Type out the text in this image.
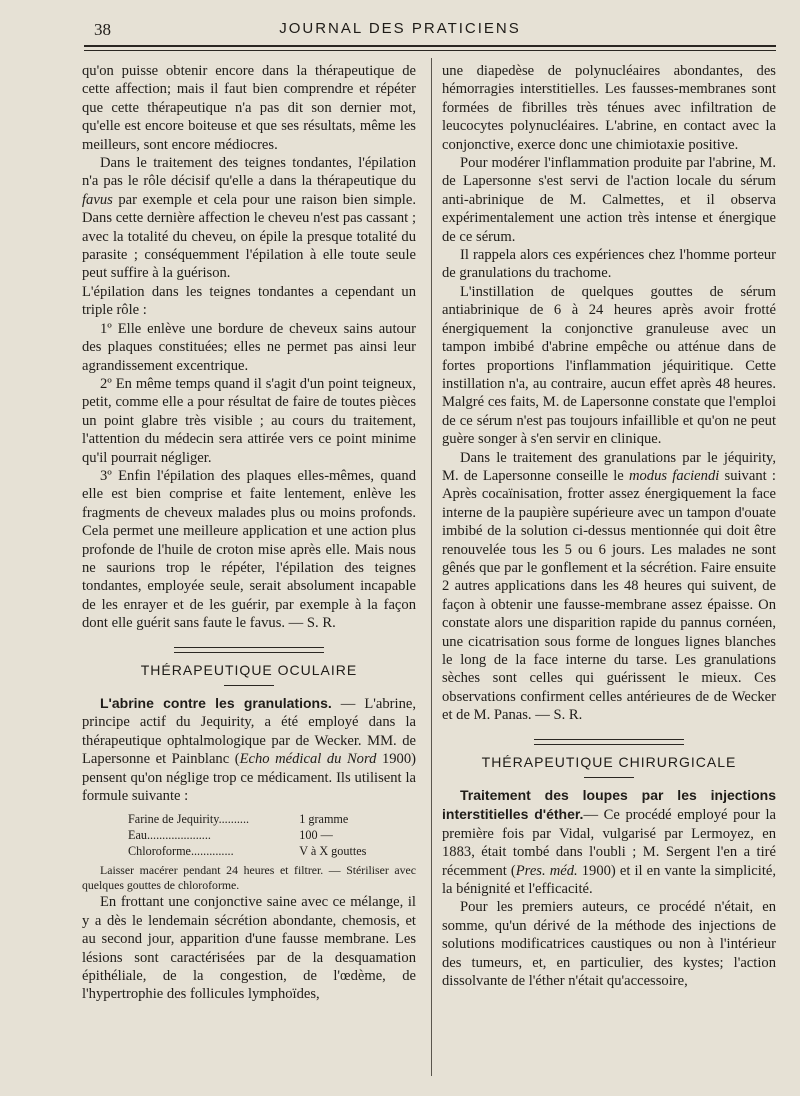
38	JOURNAL DES PRATICIENS

qu'on puisse obtenir encore dans la thérapeutique de cette affection; mais il faut bien comprendre et répéter que cette thérapeutique n'a pas dit son dernier mot, qu'elle est encore boiteuse et que ses résultats, même les meilleurs, sont encore médiocres.

Dans le traitement des teignes tondantes, l'épilation n'a pas le rôle décisif qu'elle a dans la thérapeutique du favus par exemple et cela pour une raison bien simple. Dans cette dernière affection le cheveu n'est pas cassant ; avec la totalité du cheveu, on épile la presque totalité du parasite ; conséquemment l'épilation à elle toute seule peut suffire à la guérison.

L'épilation dans les teignes tondantes a cependant un triple rôle :

1º Elle enlève une bordure de cheveux sains autour des plaques constituées; elles ne permet pas ainsi leur agrandissement excentrique.

2º En même temps quand il s'agit d'un point teigneux, petit, comme elle a pour résultat de faire de toutes pièces un point glabre très visible ; au cours du traitement, l'attention du médecin sera attirée vers ce point minime qu'il pourrait négliger.

3º Enfin l'épilation des plaques elles-mêmes, quand elle est bien comprise et faite lentement, enlève les fragments de cheveux malades plus ou moins profonds. Cela permet une meilleure application et une action plus profonde de l'huile de croton mise après elle. Mais nous ne saurions trop le répéter, l'épilation des teignes tondantes, employée seule, serait absolument incapable de les enrayer et de les guérir, par exemple à la façon dont elle guérit sans faute le favus. — S. R.

THÉRAPEUTIQUE OCULAIRE

L'abrine contre les granulations. — L'abrine, principe actif du Jequirity, a été employé dans la thérapeutique ophtalmologique par de Wecker. MM. de Lapersonne et Painblanc (Echo médical du Nord 1900) pensent qu'on néglige trop ce médicament. Ils utilisent la formule suivante :

Farine de Jequirity..........	1 gramme
Eau.....................	100 —
Chloroforme..............	V à X gouttes

Laisser macérer pendant 24 heures et filtrer. — Stériliser avec quelques gouttes de chloroforme.

En frottant une conjonctive saine avec ce mélange, il y a dès le lendemain sécrétion abondante, chemosis, et au second jour, apparition d'une fausse membrane. Les lésions sont caractérisées par de la desquamation épithéliale, de la congestion, de l'œdème, de l'hypertrophie des follicules lymphoïdes,

une diapedèse de polynucléaires abondantes, des hémorragies interstitielles. Les fausses-membranes sont formées de fibrilles très ténues avec infiltration de leucocytes polynucléaires. L'abrine, en contact avec la conjonctive, exerce donc une chimiotaxie positive.

Pour modérer l'inflammation produite par l'abrine, M. de Lapersonne s'est servi de l'action locale du sérum anti-abrinique de M. Calmettes, et il observa expérimentalement une action très intense et énergique de ce sérum.

Il rappela alors ces expériences chez l'homme porteur de granulations du trachome.

L'instillation de quelques gouttes de sérum antiabrinique de 6 à 24 heures après avoir frotté énergiquement la conjonctive granuleuse avec un tampon imbibé d'abrine empêche ou atténue dans de fortes proportions l'inflammation jéquiritique. Cette instillation n'a, au contraire, aucun effet après 48 heures. Malgré ces faits, M. de Lapersonne constate que l'emploi de ce sérum n'est pas toujours infaillible et qu'on ne peut guère songer à s'en servir en clinique.

Dans le traitement des granulations par le jéquirity, M. de Lapersonne conseille le modus faciendi suivant : Après cocaïnisation, frotter assez énergiquement la face interne de la paupière supérieure avec un tampon d'ouate imbibé de la solution ci-dessus mentionnée qui doit être renouvelée tous les 5 ou 6 jours. Les malades ne sont gênés que par le gonflement et la sécrétion. Faire ensuite 2 autres applications dans les 48 heures qui suivent, de façon à obtenir une fausse-membrane assez épaisse. On constate alors une disparition rapide du pannus cornéen, une cicatrisation sous forme de longues lignes blanches le long de la face interne du tarse. Les granulations sèches sont celles qui guérissent le mieux. Ces observations confirment celles antérieures de de Wecker et de M. Panas. — S. R.

THÉRAPEUTIQUE CHIRURGICALE

Traitement des loupes par les injections interstitielles d'éther.— Ce procédé employé pour la première fois par Vidal, vulgarisé par Lermoyez, en 1883, était tombé dans l'oubli ; M. Sergent l'en a tiré récemment (Pres. méd. 1900) et il en vante la simplicité, la bénignité et l'efficacité.

Pour les premiers auteurs, ce procédé n'était, en somme, qu'un dérivé de la méthode des injections de solutions modificatrices caustiques ou non à l'intérieur des tumeurs, et, en particulier, des kystes; l'action dissolvante de l'éther n'était qu'accessoire,
